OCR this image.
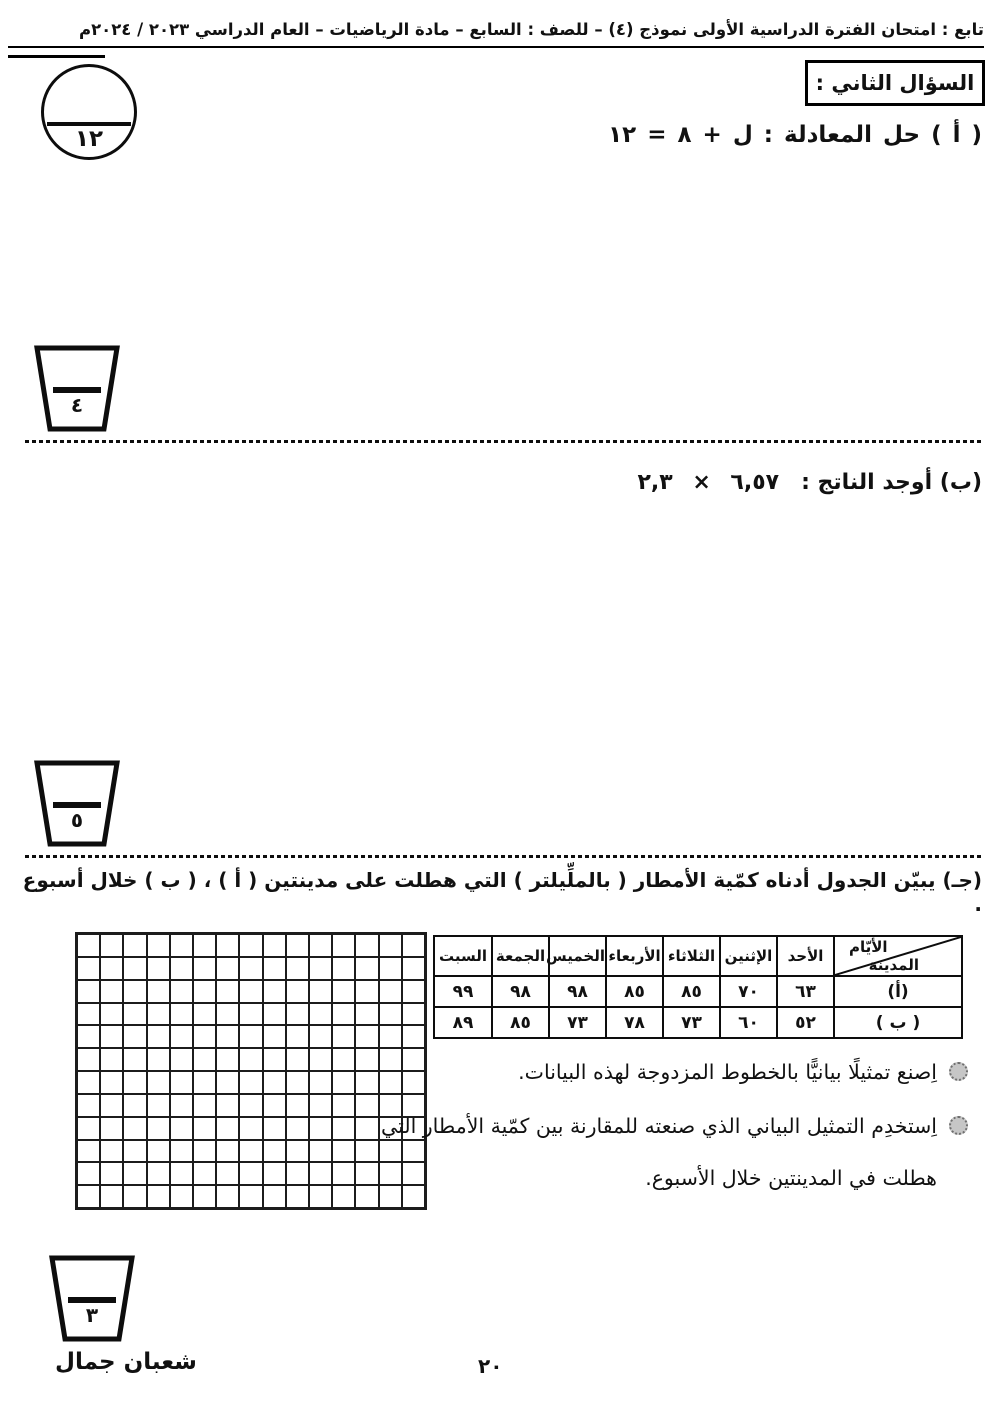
تابع : امتحان الفترة الدراسية الأولى نموذج (٤) – للصف : السابع – مادة الرياضيات – العام الدراسي ٢٠٢٣ / ٢٠٢٤م
السؤال الثاني :
١٢	( أ ) حل المعادلة : ل + ٨ = ١٢
٤
(ب) أوجد الناتج :٦,٥٧ × ٢,٣
٥
(جـ) يبيّن الجدول أدناه كمّية الأمطار ( بالملِّيلتر ) التي هطلت على مدينتين ( أ ) ، ( ب ) خلال أسبوع .
الأيّام
المدينة	الأحد	الإثنين	الثلاثاء	الأربعاء	الخميس	الجمعة	السبت
(أ)	٦٣	٧٠	٨٥	٨٥	٩٨	٩٨	٩٩
( ب )	٥٢	٦٠	٧٣	٧٨	٧٣	٨٥	٨٩
اِصنع تمثيلًا بيانيًّا بالخطوط المزدوجة لهذه البيانات.
اِستخدِم التمثيل البياني الذي صنعته للمقارنة بين كمّية الأمطار التي هطلت في المدينتين خلال الأسبوع.
٣
شعبان جمال	٢٠
